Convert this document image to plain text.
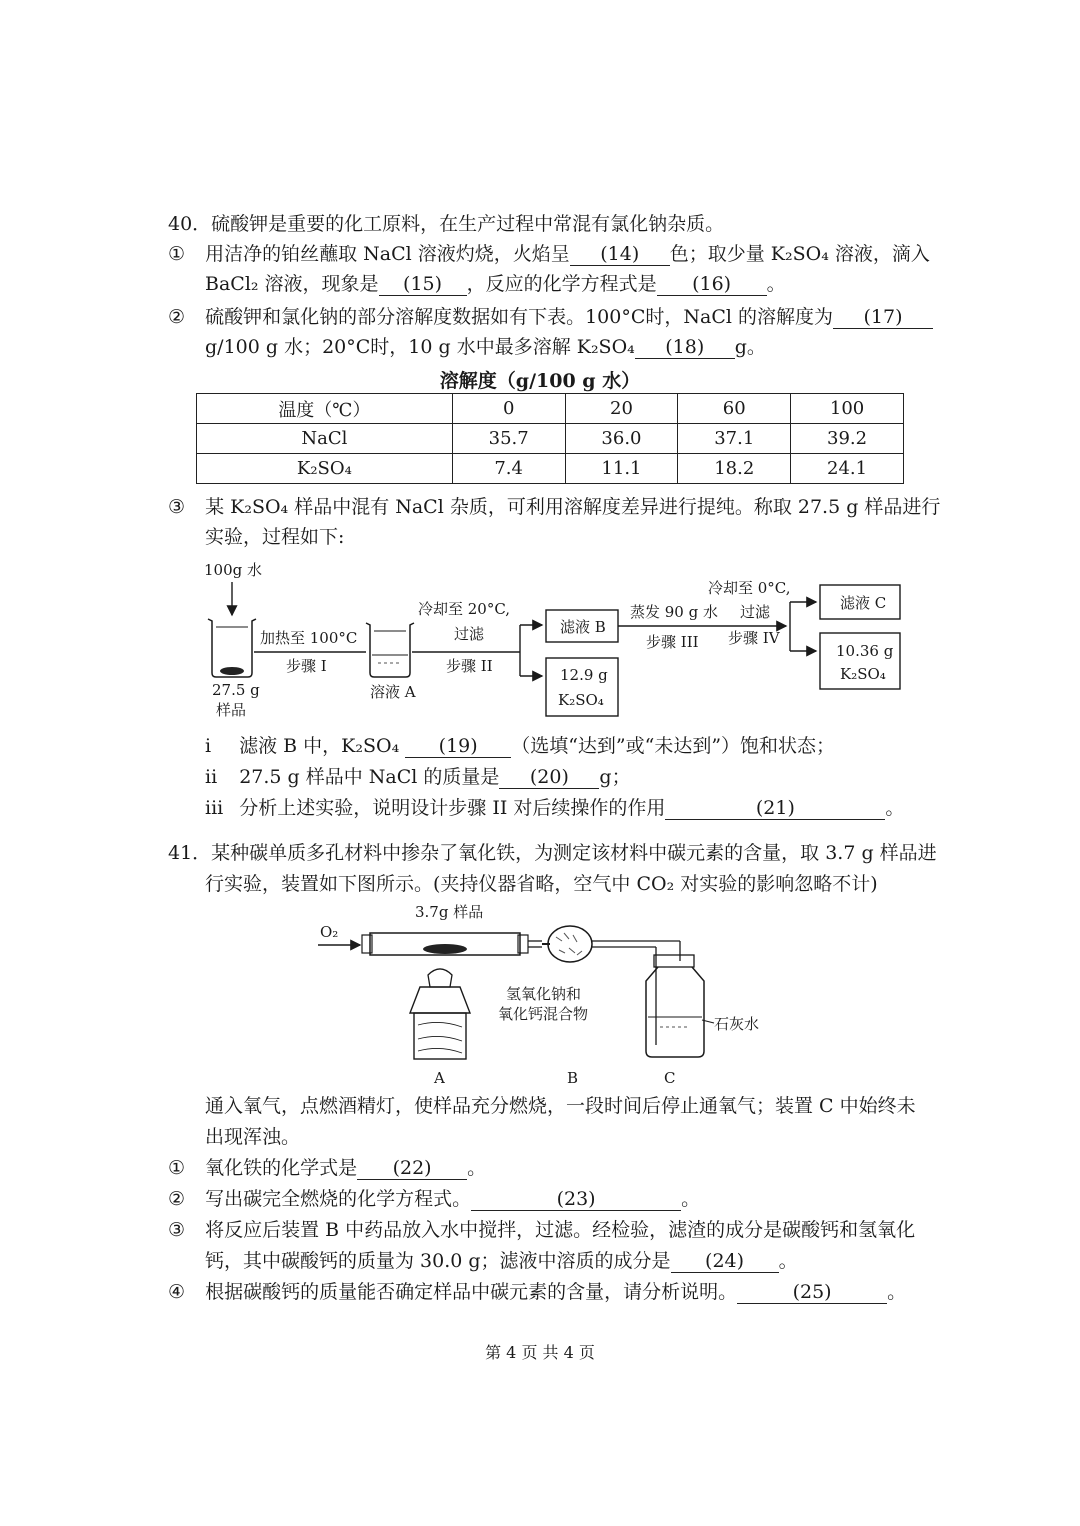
40．硫酸钾是重要的化工原料，在生产过程中常混有氯化钠杂质。
① 用洁净的铂丝蘸取 NaCl 溶液灼烧，火焰呈 (14) 色；取少量 K₂SO₄ 溶液，滴入
BaCl₂ 溶液，现象是 (15) ，反应的化学方程式是 (16) 。
② 硫酸钾和氯化钠的部分溶解度数据如有下表。100°C时，NaCl 的溶解度为 (17)
g/100 g 水；20°C时，10 g 水中最多溶解 K₂SO₄ (18) g。
溶解度（g/100 g 水）
温度（℃）	0	20	60	100
NaCl	35.7	36.0	37.1	39.2
K₂SO₄	7.4	11.1	18.2	24.1
③ 某 K₂SO₄ 样品中混有 NaCl 杂质，可利用溶解度差异进行提纯。称取 27.5 g 样品进行
实验，过程如下:
100g 水
27.5 g
样品
加热至 100°C
步骤 I
溶液 A
冷却至 20°C,
过滤
步骤 II
滤液 B
12.9 g
K₂SO₄
蒸发 90 g 水
步骤 III
冷却至 0°C,
过滤
步骤 IV
滤液 C
10.36 g
K₂SO₄
i 滤液 B 中，K₂SO₄ (19) （选填“达到”或“未达到”）饱和状态；
ii 27.5 g 样品中 NaCl 的质量是 (20) g；
iii 分析上述实验，说明设计步骤 II 对后续操作的作用	(21)	。
41．某种碳单质多孔材料中掺杂了氧化铁，为测定该材料中碳元素的含量，取 3.7 g 样品进
行实验，装置如下图所示。(夹持仪器省略，空气中 CO₂ 对实验的影响忽略不计)
O₂
3.7g 样品
氢氧化钠和
氧化钙混合物
石灰水
A	B	C
通入氧气，点燃酒精灯，使样品充分燃烧，一段时间后停止通氧气；装置 C 中始终未
出现浑浊。
① 氧化铁的化学式是 (22) 。
② 写出碳完全燃烧的化学方程式。	(23)	。
③ 将反应后装置 B 中药品放入水中搅拌，过滤。经检验，滤渣的成分是碳酸钙和氢氧化
钙，其中碳酸钙的质量为 30.0 g；滤液中溶质的成分是 (24) 。
④ 根据碳酸钙的质量能否确定样品中碳元素的含量，请分析说明。	(25)	。
第 4 页 共 4 页
